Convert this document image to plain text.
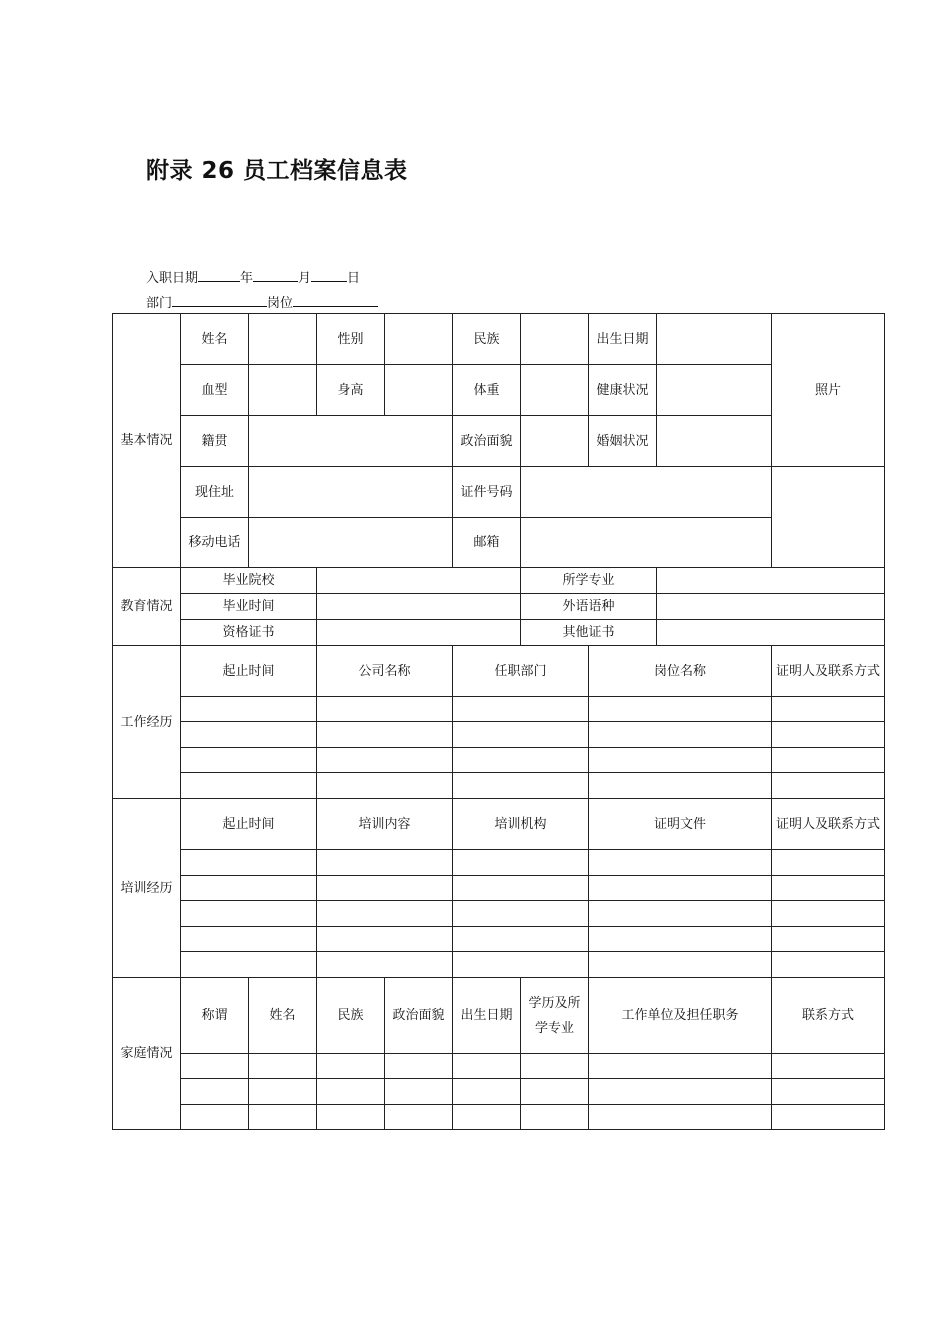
附录 26 员工档案信息表
入职日期	年	月	日
部门	岗位
基本情况	姓名		性别		民族		出生日期		照片
	血型		身高		体重		健康状况		
	籍贯				政治面貌		婚姻状况		
	现住址				证件号码				
	移动电话				邮箱				
教育情况	毕业院校					所学专业			
	毕业时间					外语语种			
	资格证书					其他证书			
工作经历	起止时间		公司名称		任职部门		岗位名称		证明人及联系方式

培训经历	起止时间		培训内容		培训机构		证明文件		证明人及联系方式

家庭情况	称谓	姓名	民族	政治面貌	出生日期	学历及所学专业	工作单位及担任职务		联系方式
